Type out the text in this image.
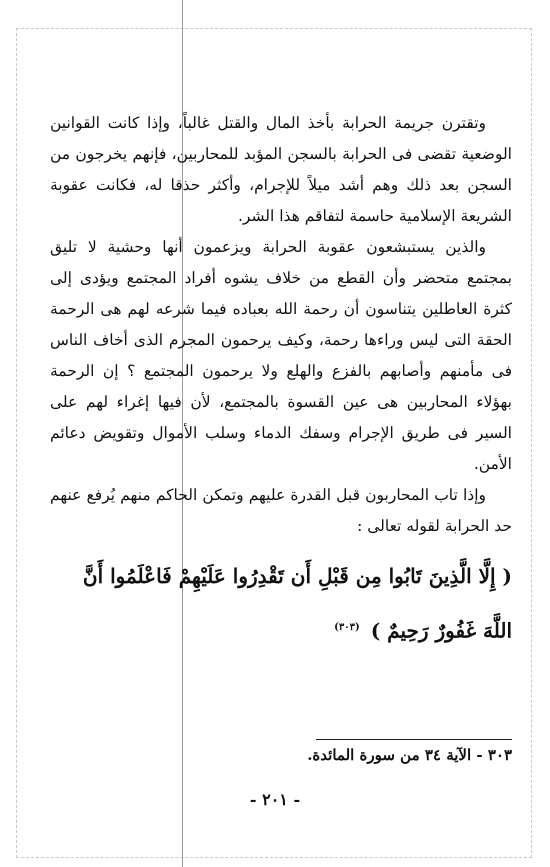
وتقترن جريمة الحرابة بأخذ المال والقتل غالباً، وإذا كانت القوانين الوضعية تقضى فى الحرابة بالسجن المؤبد للمحاربين، فإنهم يخرجون من السجن بعد ذلك وهم أشد ميلاً للإجرام، وأكثر حذقا له، فكانت عقوبة الشريعة الإسلامية حاسمة لتفاقم هذا الشر.

والذين يستبشعون عقوبة الحرابة ويزعمون أنها وحشية لا تليق بمجتمع متحضر وأن القطع من خلاف يشوه أفراد المجتمع ويؤدى إلى كثرة العاطلين يتناسون أن رحمة الله بعباده فيما شرعه لهم هى الرحمة الحقة التى ليس وراءها رحمة، وكيف يرحمون المجرم الذى أخاف الناس فى مأمنهم وأصابهم بالفزع والهلع ولا يرحمون المجتمع ؟ إن الرحمة بهؤلاء المحاربين هى عين القسوة بالمجتمع، لأن فيها إغراء لهم على السير فى طريق الإجرام وسفك الدماء وسلب الأموال وتقويض دعائم الأمن.

وإذا تاب المحاربون قبل القدرة عليهم وتمكن الحاكم منهم يُرفع عنهم حد الحرابة لقوله تعالى :

( إِلَّا الَّذِينَ تَابُوا مِن قَبْلِ أَن تَقْدِرُوا عَلَيْهِمْ فَاعْلَمُوا أَنَّ اللَّهَ غَفُورٌ رَحِيمٌ ) $^{(٣٠٣)}$
٣٠٣ - الآية ٣٤ من سورة المائدة.
- ٢٠١ -
